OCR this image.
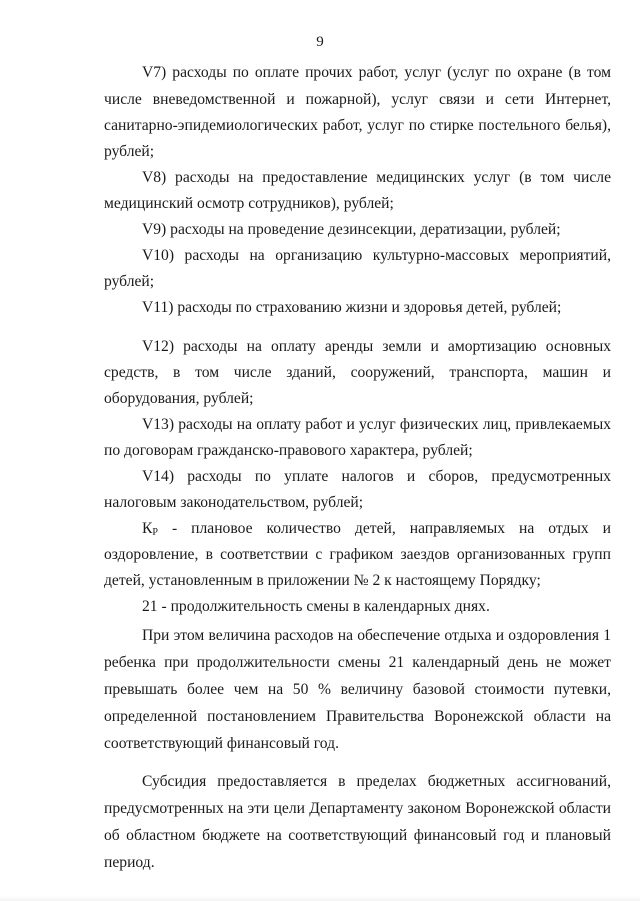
9
V7) расходы по оплате прочих работ, услуг (услуг по охране (в том
числе вневедомственной и пожарной), услуг связи и сети Интернет,
санитарно-эпидемиологических работ, услуг по стирке постельного белья),
рублей;
V8) расходы на предоставление медицинских услуг (в том числе
медицинский осмотр сотрудников), рублей;
V9) расходы на проведение дезинсекции, дератизации, рублей;
V10) расходы на организацию культурно-массовых мероприятий,
рублей;
V11) расходы по страхованию жизни и здоровья детей, рублей;
V12) расходы на оплату аренды земли и амортизацию основных
средств, в том числе зданий, сооружений, транспорта, машин и
оборудования, рублей;
V13) расходы на оплату работ и услуг физических лиц, привлекаемых
по договорам гражданско-правового характера, рублей;
V14) расходы по уплате налогов и сборов, предусмотренных
налоговым законодательством, рублей;
$К_Р$ - плановое количество детей, направляемых на отдых и
оздоровление, в соответствии с графиком заездов организованных групп
детей, установленным в приложении № 2 к настоящему Порядку;
21 - продолжительность смены в календарных днях.
При этом величина расходов на обеспечение отдыха и оздоровления 1
ребенка при продолжительности смены 21 календарный день не может
превышать более чем на 50 % величину базовой стоимости путевки,
определенной постановлением Правительства Воронежской области на
соответствующий финансовый год.
Субсидия предоставляется в пределах бюджетных ассигнований,
предусмотренных на эти цели Департаменту законом Воронежской области
об областном бюджете на соответствующий финансовый год и плановый
период.
